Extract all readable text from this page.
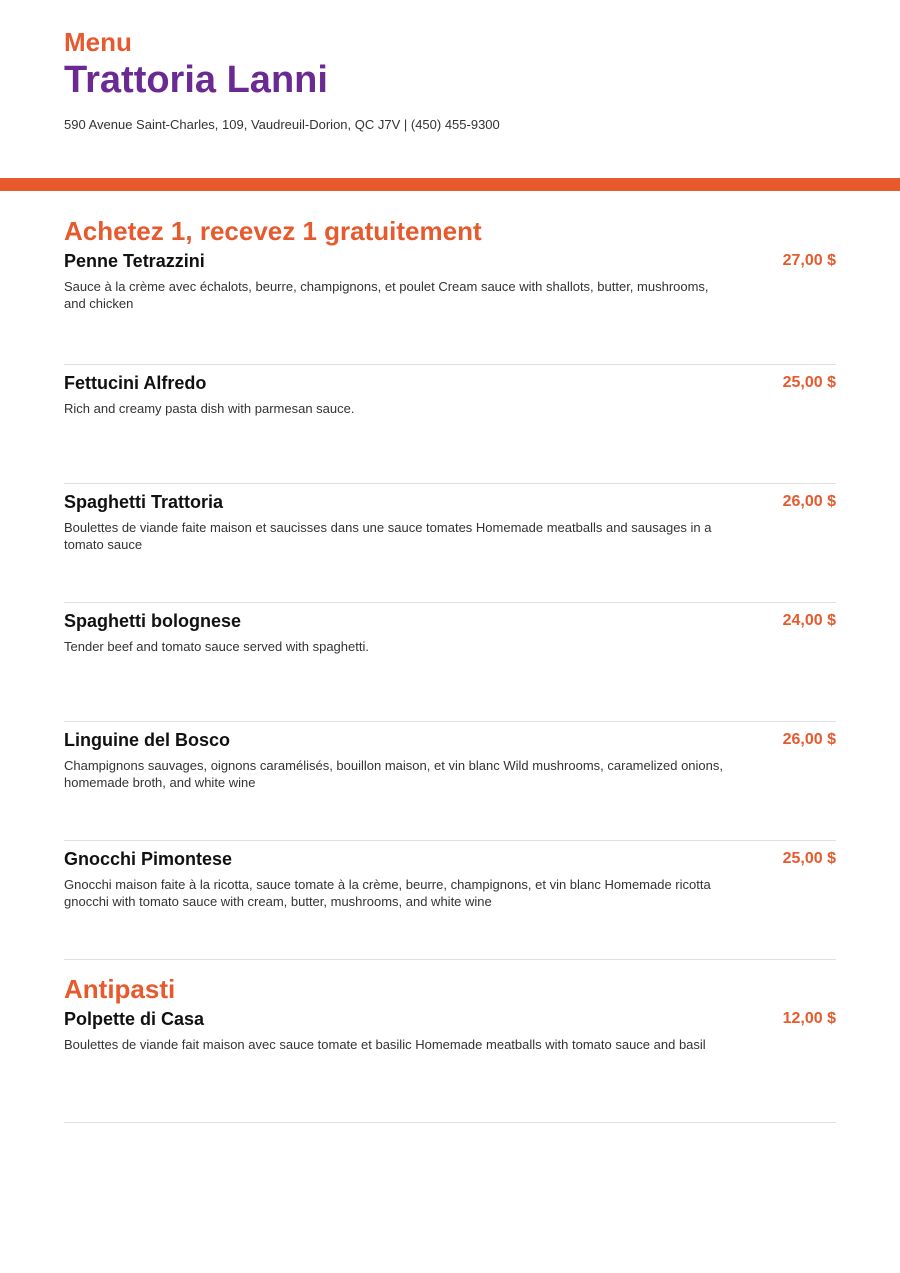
Menu
Trattoria Lanni
590 Avenue Saint-Charles, 109, Vaudreuil-Dorion, QC J7V | (450) 455-9300
Achetez 1, recevez 1 gratuitement
Penne Tetrazzini	27,00 $
Sauce à la crème avec échalots, beurre, champignons, et poulet Cream sauce with shallots, butter, mushrooms, and chicken
Fettucini Alfredo	25,00 $
Rich and creamy pasta dish with parmesan sauce.
Spaghetti Trattoria	26,00 $
Boulettes de viande faite maison et saucisses dans une sauce tomates Homemade meatballs and sausages in a tomato sauce
Spaghetti bolognese	24,00 $
Tender beef and tomato sauce served with spaghetti.
Linguine del Bosco	26,00 $
Champignons sauvages, oignons caramélisés, bouillon maison, et vin blanc Wild mushrooms, caramelized onions, homemade broth, and white wine
Gnocchi Pimontese	25,00 $
Gnocchi maison faite à la ricotta, sauce tomate à la crème, beurre, champignons, et vin blanc Homemade ricotta gnocchi with tomato sauce with cream, butter, mushrooms, and white wine
Antipasti
Polpette di Casa	12,00 $
Boulettes de viande fait maison avec sauce tomate et basilic Homemade meatballs with tomato sauce and basil
